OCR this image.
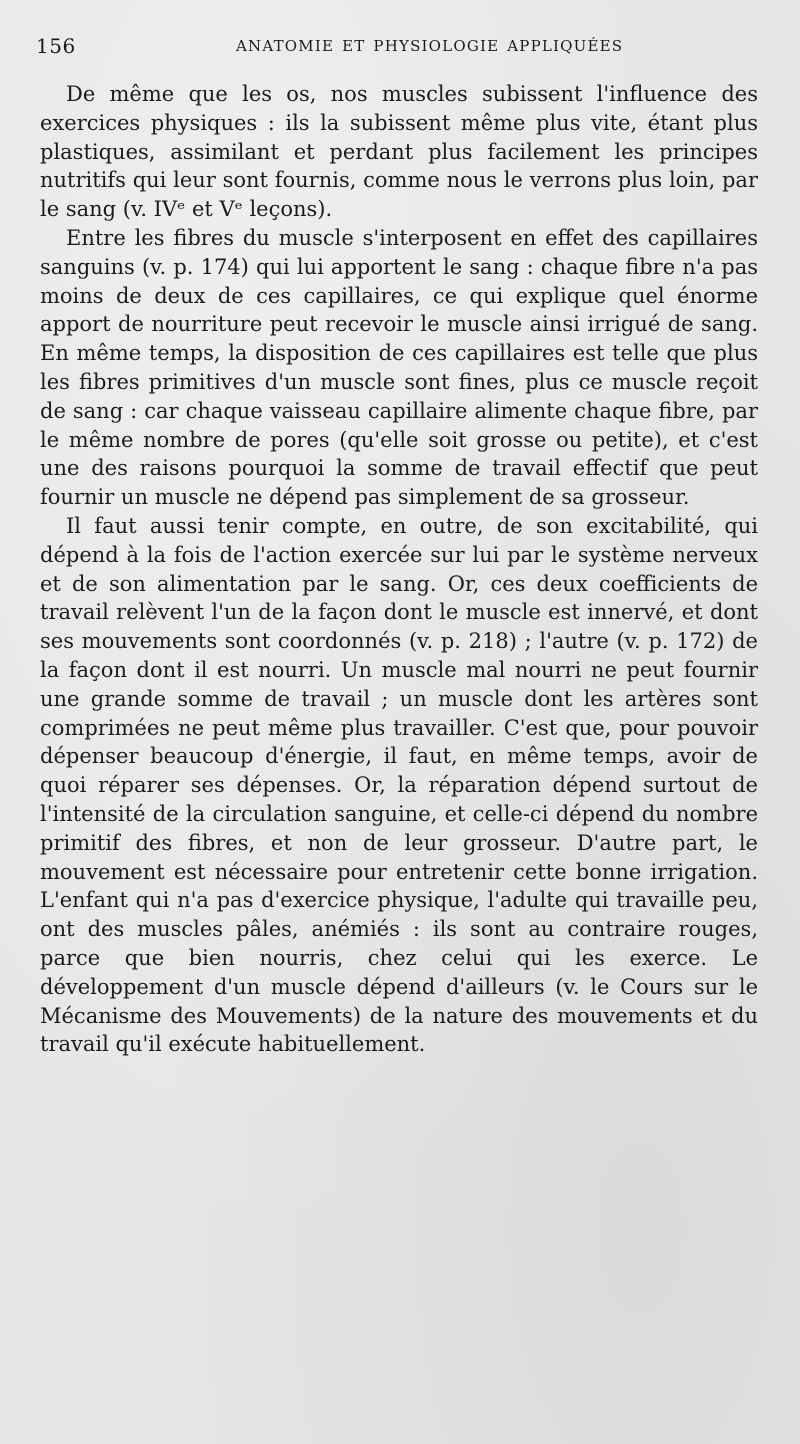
156	ANATOMIE ET PHYSIOLOGIE APPLIQUÉES

De même que les os, nos muscles subissent l'influence des exercices physiques : ils la subissent même plus vite, étant plus plastiques, assimilant et perdant plus facilement les principes nutritifs qui leur sont fournis, comme nous le verrons plus loin, par le sang (v. IVᵉ et Vᵉ leçons).

Entre les fibres du muscle s'interposent en effet des capillaires sanguins (v. p. 174) qui lui apportent le sang : chaque fibre n'a pas moins de deux de ces capillaires, ce qui explique quel énorme apport de nourriture peut recevoir le muscle ainsi irrigué de sang. En même temps, la disposition de ces capillaires est telle que plus les fibres primitives d'un muscle sont fines, plus ce muscle reçoit de sang : car chaque vaisseau capillaire alimente chaque fibre, par le même nombre de pores (qu'elle soit grosse ou petite), et c'est une des raisons pourquoi la somme de travail effectif que peut fournir un muscle ne dépend pas simplement de sa grosseur.

Il faut aussi tenir compte, en outre, de son excitabilité, qui dépend à la fois de l'action exercée sur lui par le système nerveux et de son alimentation par le sang. Or, ces deux coefficients de travail relèvent l'un de la façon dont le muscle est innervé, et dont ses mouvements sont coordonnés (v. p. 218) ; l'autre (v. p. 172) de la façon dont il est nourri. Un muscle mal nourri ne peut fournir une grande somme de travail ; un muscle dont les artères sont comprimées ne peut même plus travailler. C'est que, pour pouvoir dépenser beaucoup d'énergie, il faut, en même temps, avoir de quoi réparer ses dépenses. Or, la réparation dépend surtout de l'intensité de la circulation sanguine, et celle-ci dépend du nombre primitif des fibres, et non de leur grosseur. D'autre part, le mouvement est nécessaire pour entretenir cette bonne irrigation. L'enfant qui n'a pas d'exercice physique, l'adulte qui travaille peu, ont des muscles pâles, anémiés : ils sont au contraire rouges, parce que bien nourris, chez celui qui les exerce. Le développement d'un muscle dépend d'ailleurs (v. le Cours sur le Mécanisme des Mouvements) de la nature des mouvements et du travail qu'il exécute habituellement.
